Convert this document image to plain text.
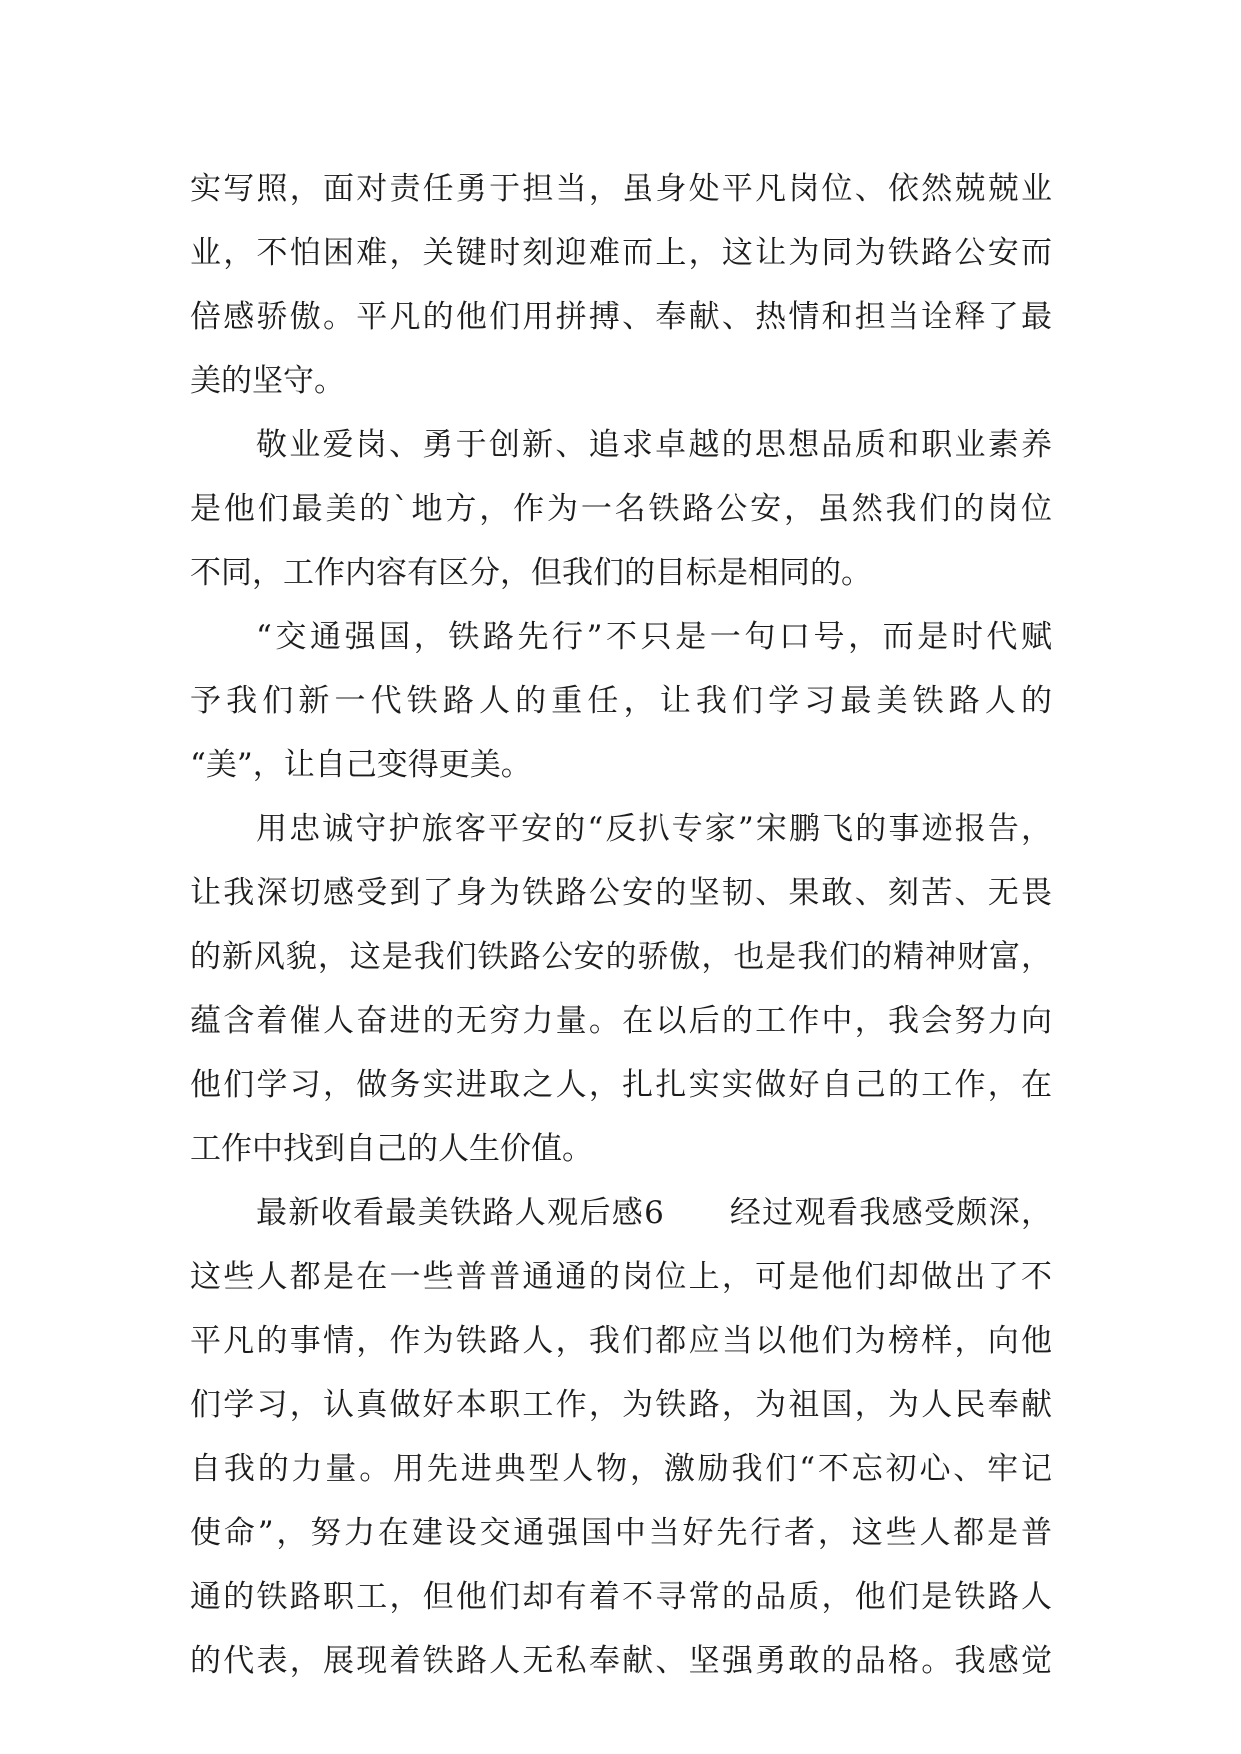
实写照，面对责任勇于担当，虽身处平凡岗位、依然兢兢业
业，不怕困难，关键时刻迎难而上，这让为同为铁路公安而
倍感骄傲。平凡的他们用拼搏、奉献、热情和担当诠释了最
美的坚守。
敬业爱岗、勇于创新、追求卓越的思想品质和职业素养
是他们最美的`地方，作为一名铁路公安，虽然我们的岗位
不同，工作内容有区分，但我们的目标是相同的。
“交通强国，铁路先行”不只是一句口号，而是时代赋
予我们新一代铁路人的重任，让我们学习最美铁路人的
“美”，让自己变得更美。
用忠诚守护旅客平安的“反扒专家”宋鹏飞的事迹报告，
让我深切感受到了身为铁路公安的坚韧、果敢、刻苦、无畏
的新风貌，这是我们铁路公安的骄傲，也是我们的精神财富，
蕴含着催人奋进的无穷力量。在以后的工作中，我会努力向
他们学习，做务实进取之人，扎扎实实做好自己的工作，在
工作中找到自己的人生价值。
最新收看最美铁路人观后感6　　经过观看我感受颇深，
这些人都是在一些普普通通的岗位上，可是他们却做出了不
平凡的事情，作为铁路人，我们都应当以他们为榜样，向他
们学习，认真做好本职工作，为铁路，为祖国，为人民奉献
自我的力量。用先进典型人物，激励我们“不忘初心、牢记
使命”，努力在建设交通强国中当好先行者，这些人都是普
通的铁路职工，但他们却有着不寻常的品质，他们是铁路人
的代表，展现着铁路人无私奉献、坚强勇敢的品格。我感觉
